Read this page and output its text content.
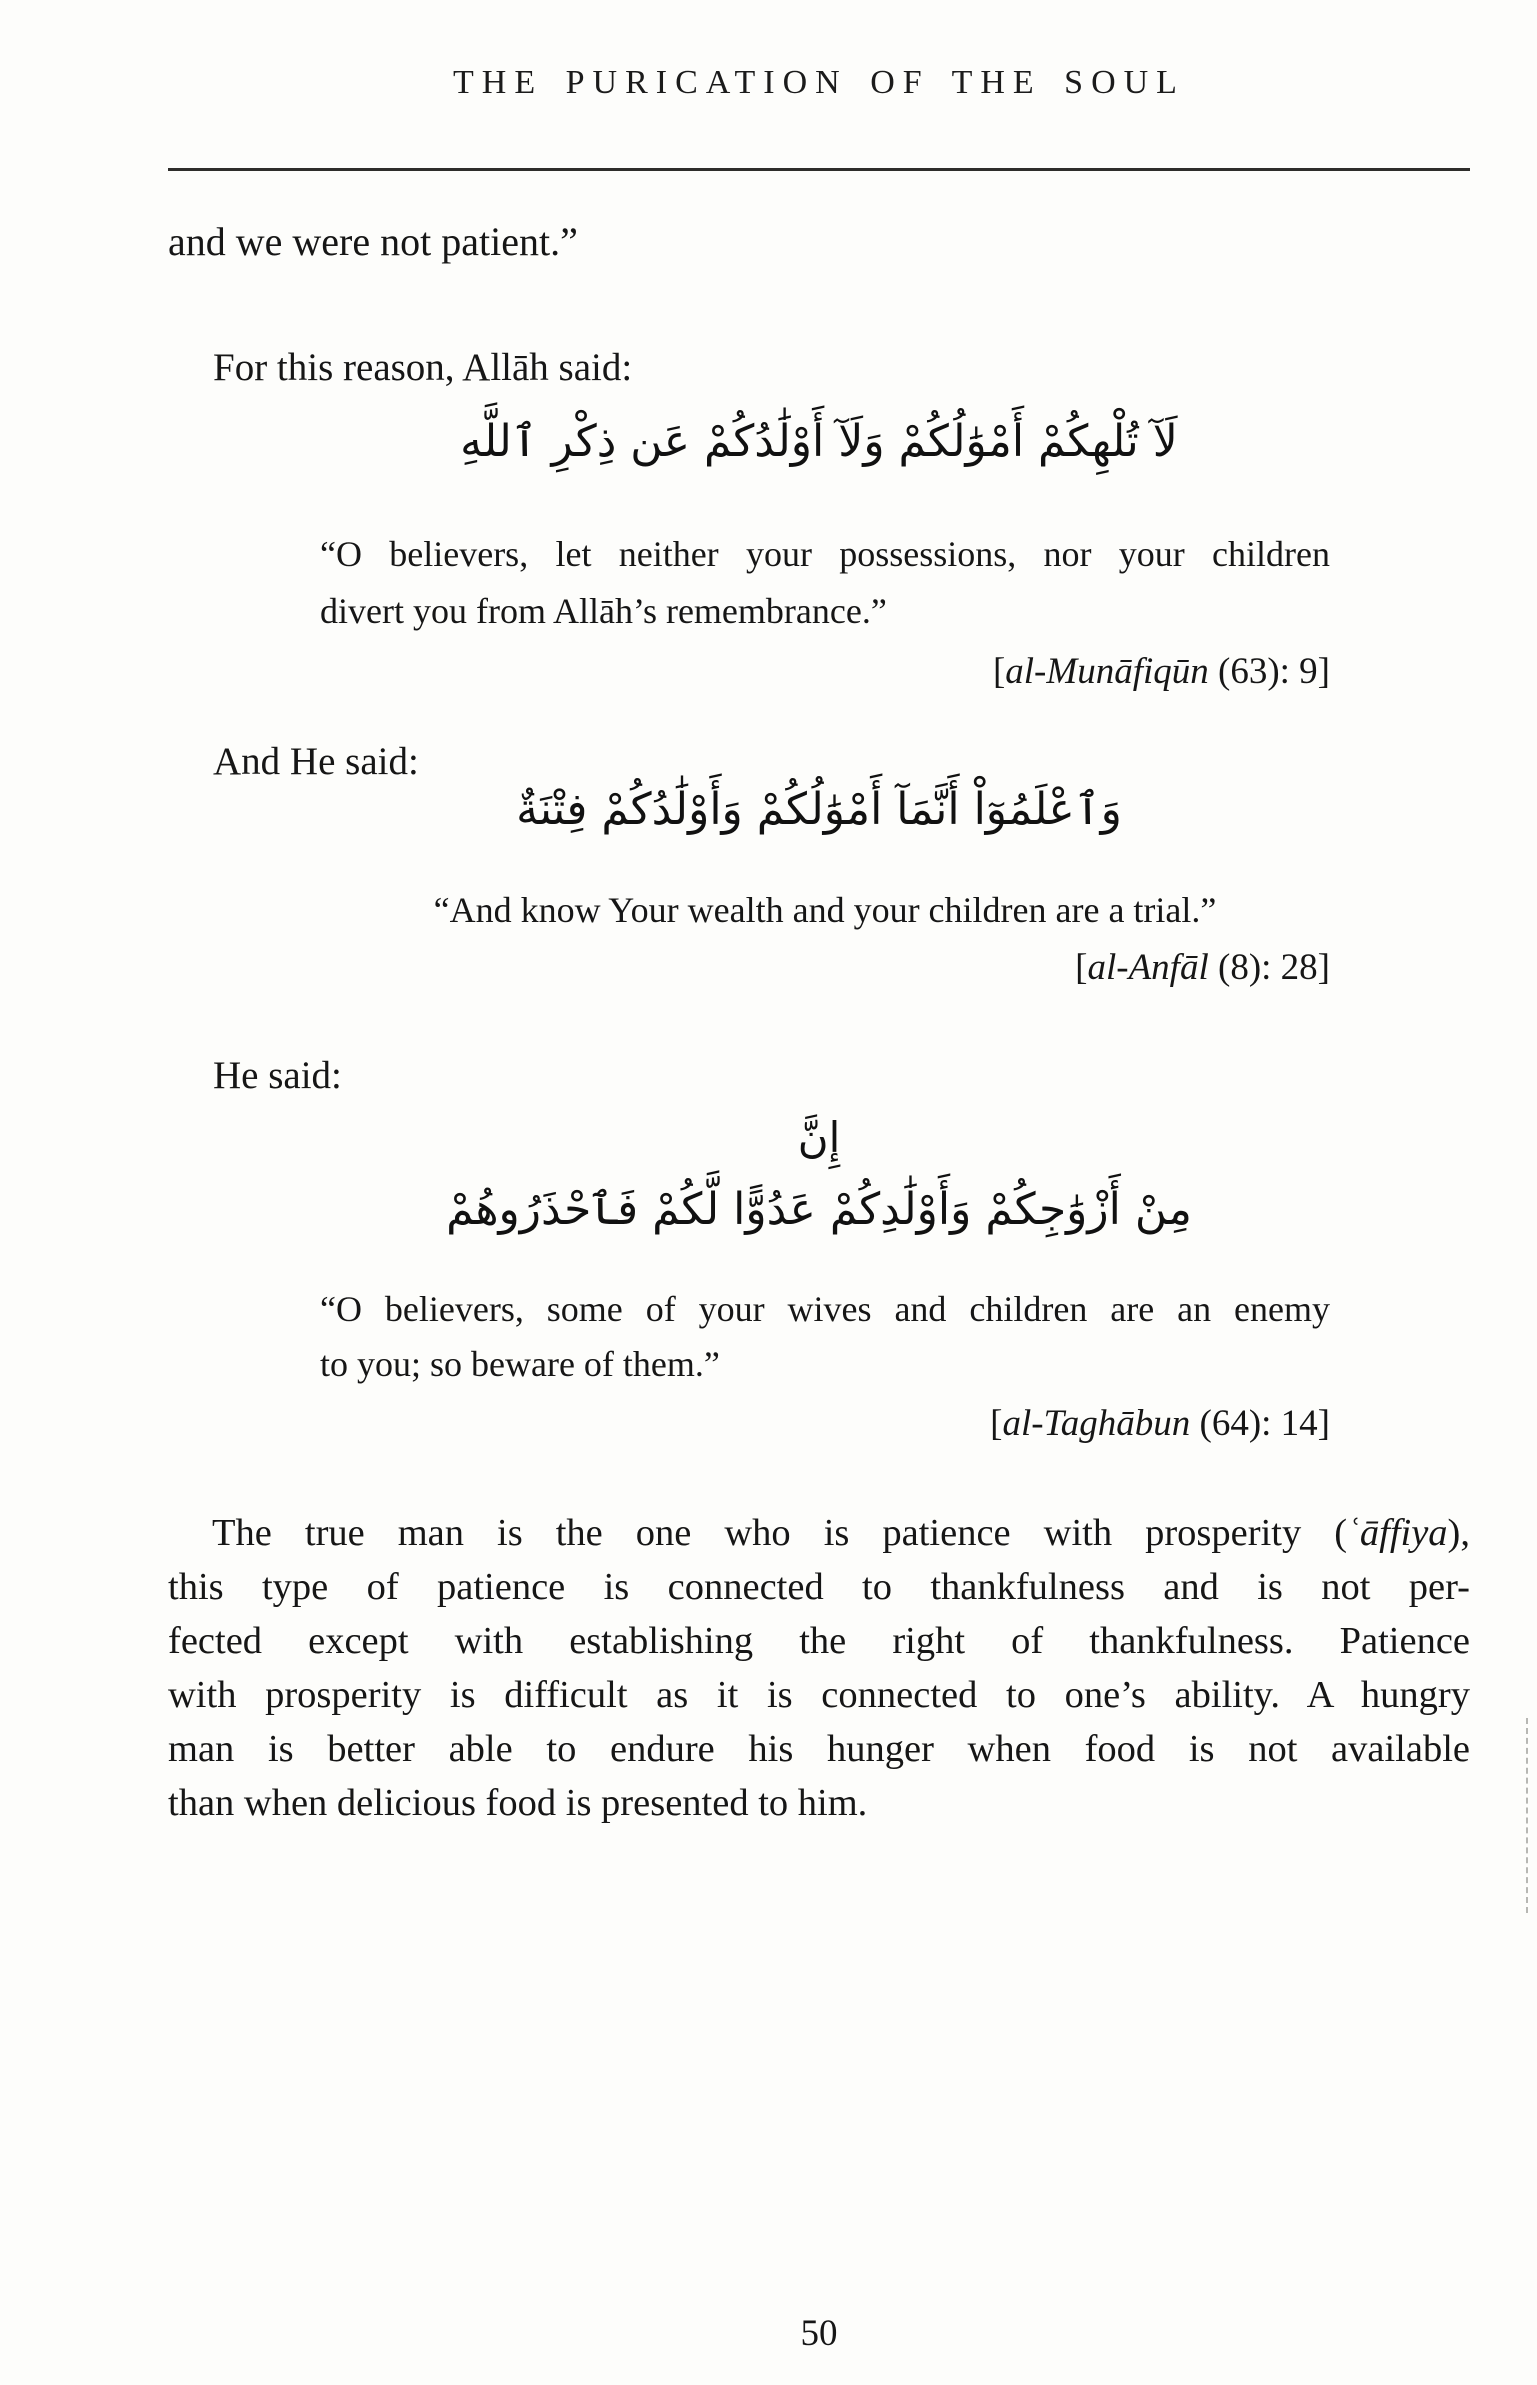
THE PURICATION OF THE SOUL
and we were not patient.”
For this reason, Allāh said:
لَآ تُلْهِكُمْ أَمْوَٰلُكُمْ وَلَآ أَوْلَٰدُكُمْ عَن ذِكْرِ ٱللَّهِ
“O believers, let neither your possessions, nor your children
divert you from Allāh’s remembrance.”
[al-Munāfiqūn (63): 9]
And He said:
وَٱعْلَمُوٓاْ أَنَّمَآ أَمْوَٰلُكُمْ وَأَوْلَٰدُكُمْ فِتْنَةٌ
“And know Your wealth and your children are a trial.”
[al-Anfāl (8): 28]
He said:
إِنَّ
مِنْ أَزْوَٰجِكُمْ وَأَوْلَٰدِكُمْ عَدُوًّا لَّكُمْ فَٱحْذَرُوهُمْ
“O believers, some of your wives and children are an enemy
to you; so beware of them.”
[al-Taghābun (64): 14]
The true man is the one who is patience with prosperity (ʿāffiya),
this type of patience is connected to thankfulness and is not per-
fected except with establishing the right of thankfulness. Patience
with prosperity is difficult as it is connected to one’s ability. A hungry
man is better able to endure his hunger when food is not available
than when delicious food is presented to him.
50
